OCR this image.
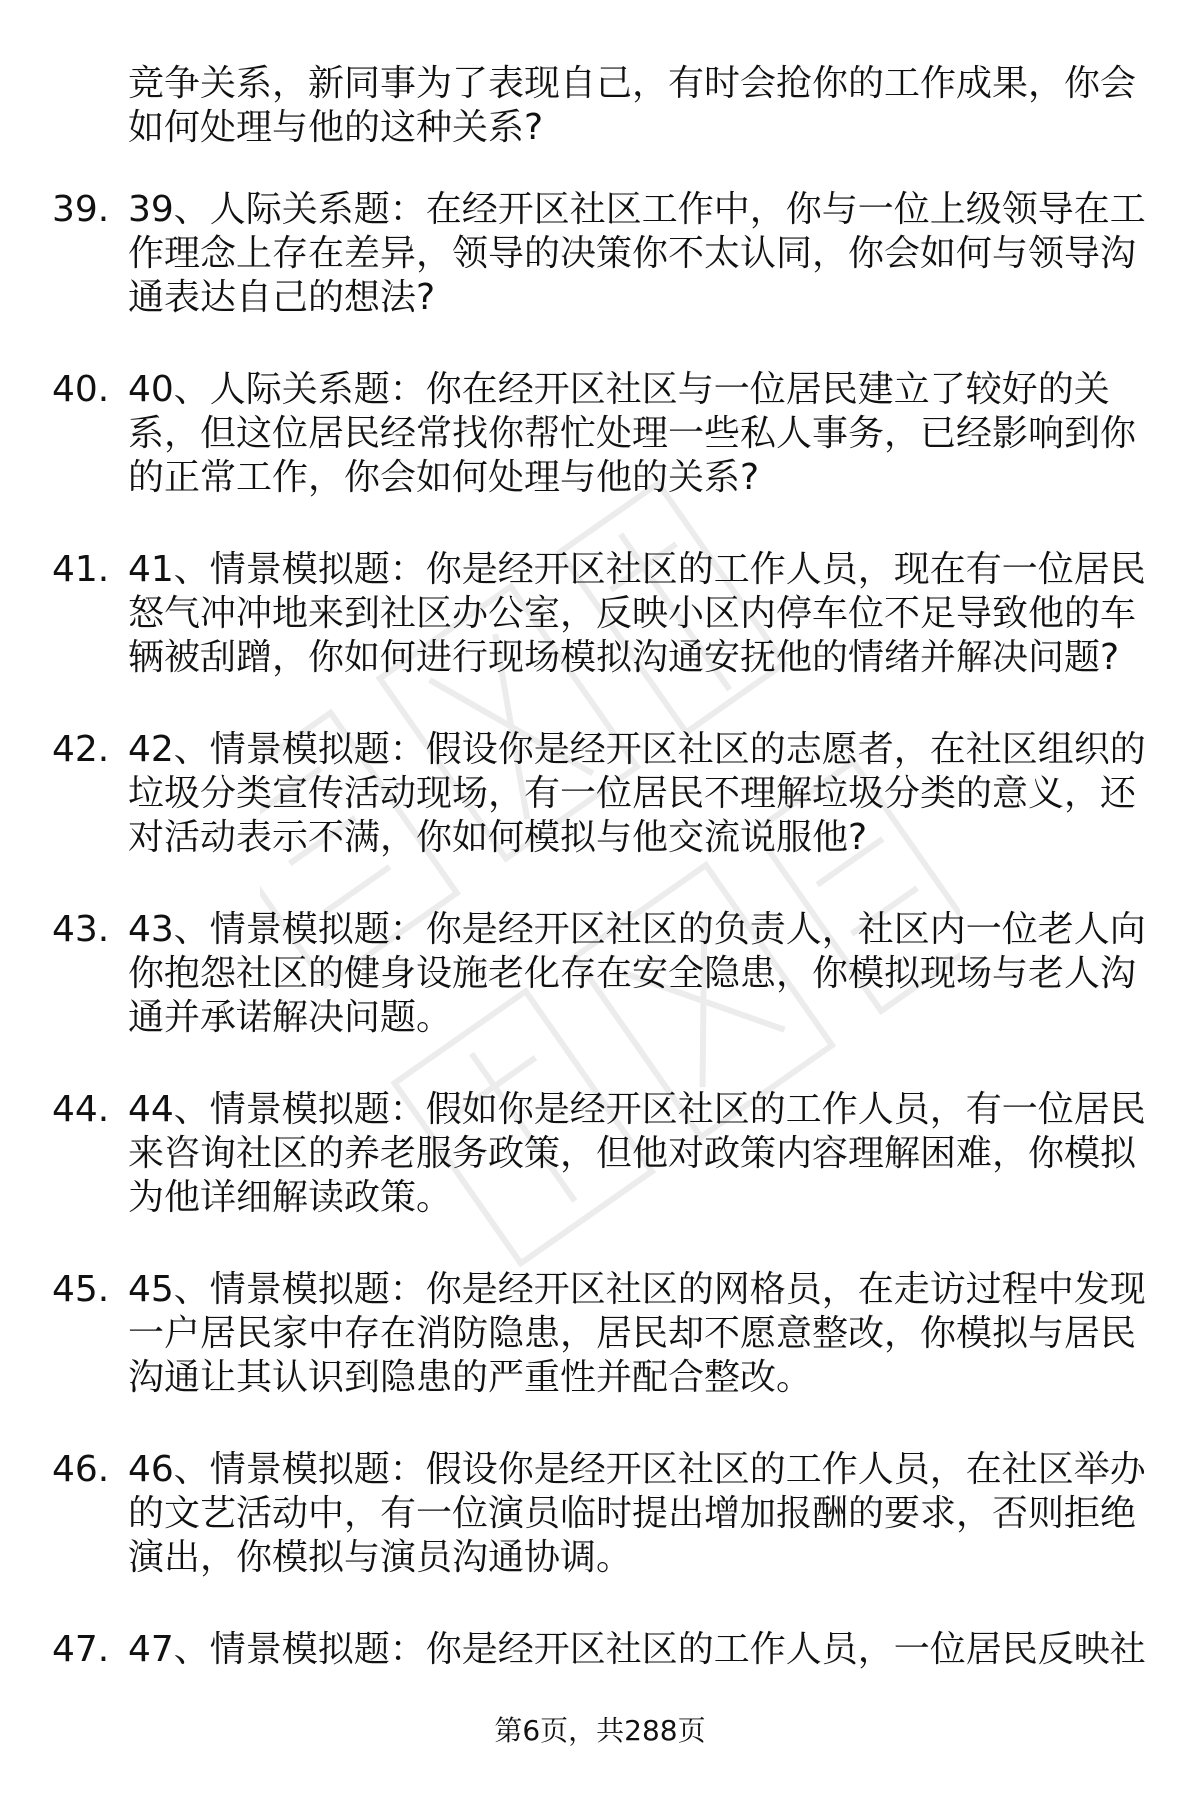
竞争关系，新同事为了表现自己，有时会抢你的工作成果，你会
如何处理与他的这种关系?

39. 39、人际关系题：在经开区社区工作中，你与一位上级领导在工
作理念上存在差异，领导的决策你不太认同，你会如何与领导沟
通表达自己的想法?

40. 40、人际关系题：你在经开区社区与一位居民建立了较好的关
系，但这位居民经常找你帮忙处理一些私人事务，已经影响到你
的正常工作，你会如何处理与他的关系?

41. 41、情景模拟题：你是经开区社区的工作人员，现在有一位居民
怒气冲冲地来到社区办公室，反映小区内停车位不足导致他的车
辆被刮蹭，你如何进行现场模拟沟通安抚他的情绪并解决问题?

42. 42、情景模拟题：假设你是经开区社区的志愿者，在社区组织的
垃圾分类宣传活动现场，有一位居民不理解垃圾分类的意义，还
对活动表示不满，你如何模拟与他交流说服他?

43. 43、情景模拟题：你是经开区社区的负责人，社区内一位老人向
你抱怨社区的健身设施老化存在安全隐患，你模拟现场与老人沟
通并承诺解决问题。

44. 44、情景模拟题：假如你是经开区社区的工作人员，有一位居民
来咨询社区的养老服务政策，但他对政策内容理解困难，你模拟
为他详细解读政策。

45. 45、情景模拟题：你是经开区社区的网格员，在走访过程中发现
一户居民家中存在消防隐患，居民却不愿意整改，你模拟与居民
沟通让其认识到隐患的严重性并配合整改。

46. 46、情景模拟题：假设你是经开区社区的工作人员，在社区举办
的文艺活动中，有一位演员临时提出增加报酬的要求，否则拒绝
演出，你模拟与演员沟通协调。

47. 47、情景模拟题：你是经开区社区的工作人员，一位居民反映社

第6页，共288页
